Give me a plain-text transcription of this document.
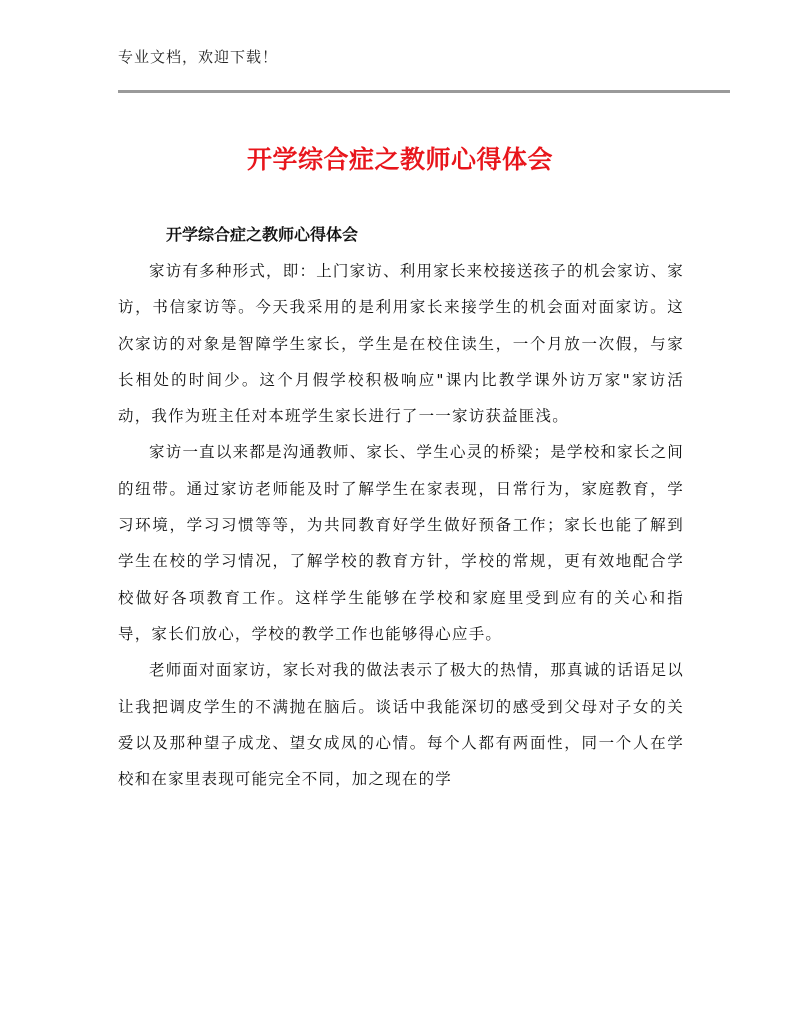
专业文档，欢迎下载！
开学综合症之教师心得体会
开学综合症之教师心得体会

家访有多种形式，即：上门家访、利用家长来校接送孩子的机会家访、家访，书信家访等。今天我采用的是利用家长来接学生的机会面对面家访。这次家访的对象是智障学生家长，学生是在校住读生，一个月放一次假，与家长相处的时间少。这个月假学校积极响应"课内比教学课外访万家"家访活动，我作为班主任对本班学生家长进行了一一家访获益匪浅。

家访一直以来都是沟通教师、家长、学生心灵的桥梁；是学校和家长之间的纽带。通过家访老师能及时了解学生在家表现，日常行为，家庭教育，学习环境，学习习惯等等，为共同教育好学生做好预备工作；家长也能了解到学生在校的学习情况，了解学校的教育方针，学校的常规，更有效地配合学校做好各项教育工作。这样学生能够在学校和家庭里受到应有的关心和指导，家长们放心，学校的教学工作也能够得心应手。

老师面对面家访，家长对我的做法表示了极大的热情，那真诚的话语足以让我把调皮学生的不满抛在脑后。谈话中我能深切的感受到父母对子女的关爱以及那种望子成龙、望女成凤的心情。每个人都有两面性，同一个人在学校和在家里表现可能完全不同，加之现在的学
